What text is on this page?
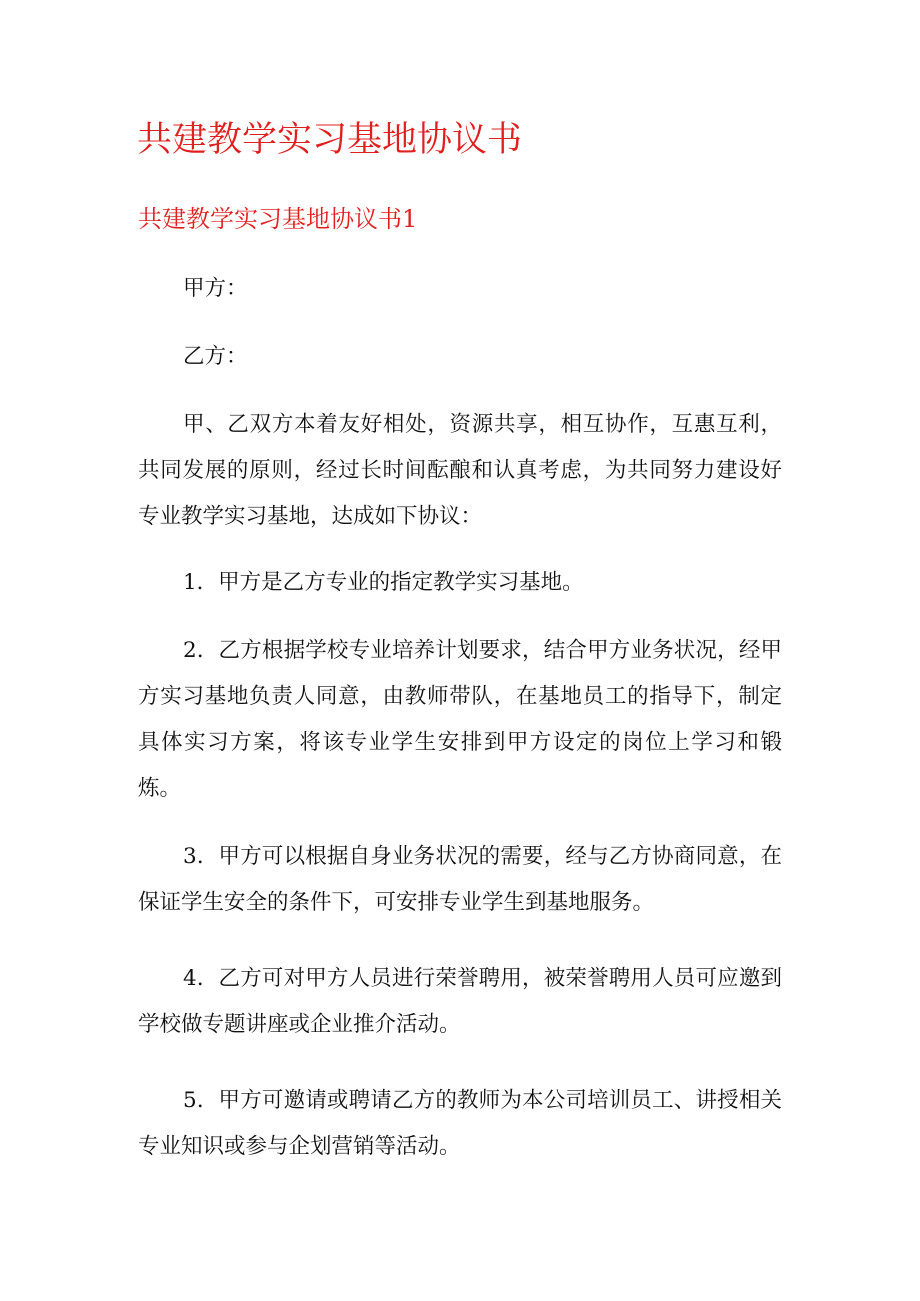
共建教学实习基地协议书
共建教学实习基地协议书1

甲方：

乙方：

甲、乙双方本着友好相处，资源共享，相互协作，互惠互利，共同发展的原则，经过长时间酝酿和认真考虑，为共同努力建设好专业教学实习基地，达成如下协议：

1．甲方是乙方专业的指定教学实习基地。

2．乙方根据学校专业培养计划要求，结合甲方业务状况，经甲方实习基地负责人同意，由教师带队，在基地员工的指导下，制定具体实习方案，将该专业学生安排到甲方设定的岗位上学习和锻炼。

3．甲方可以根据自身业务状况的需要，经与乙方协商同意，在保证学生安全的条件下，可安排专业学生到基地服务。

4．乙方可对甲方人员进行荣誉聘用，被荣誉聘用人员可应邀到学校做专题讲座或企业推介活动。

5．甲方可邀请或聘请乙方的教师为本公司培训员工、讲授相关专业知识或参与企划营销等活动。
